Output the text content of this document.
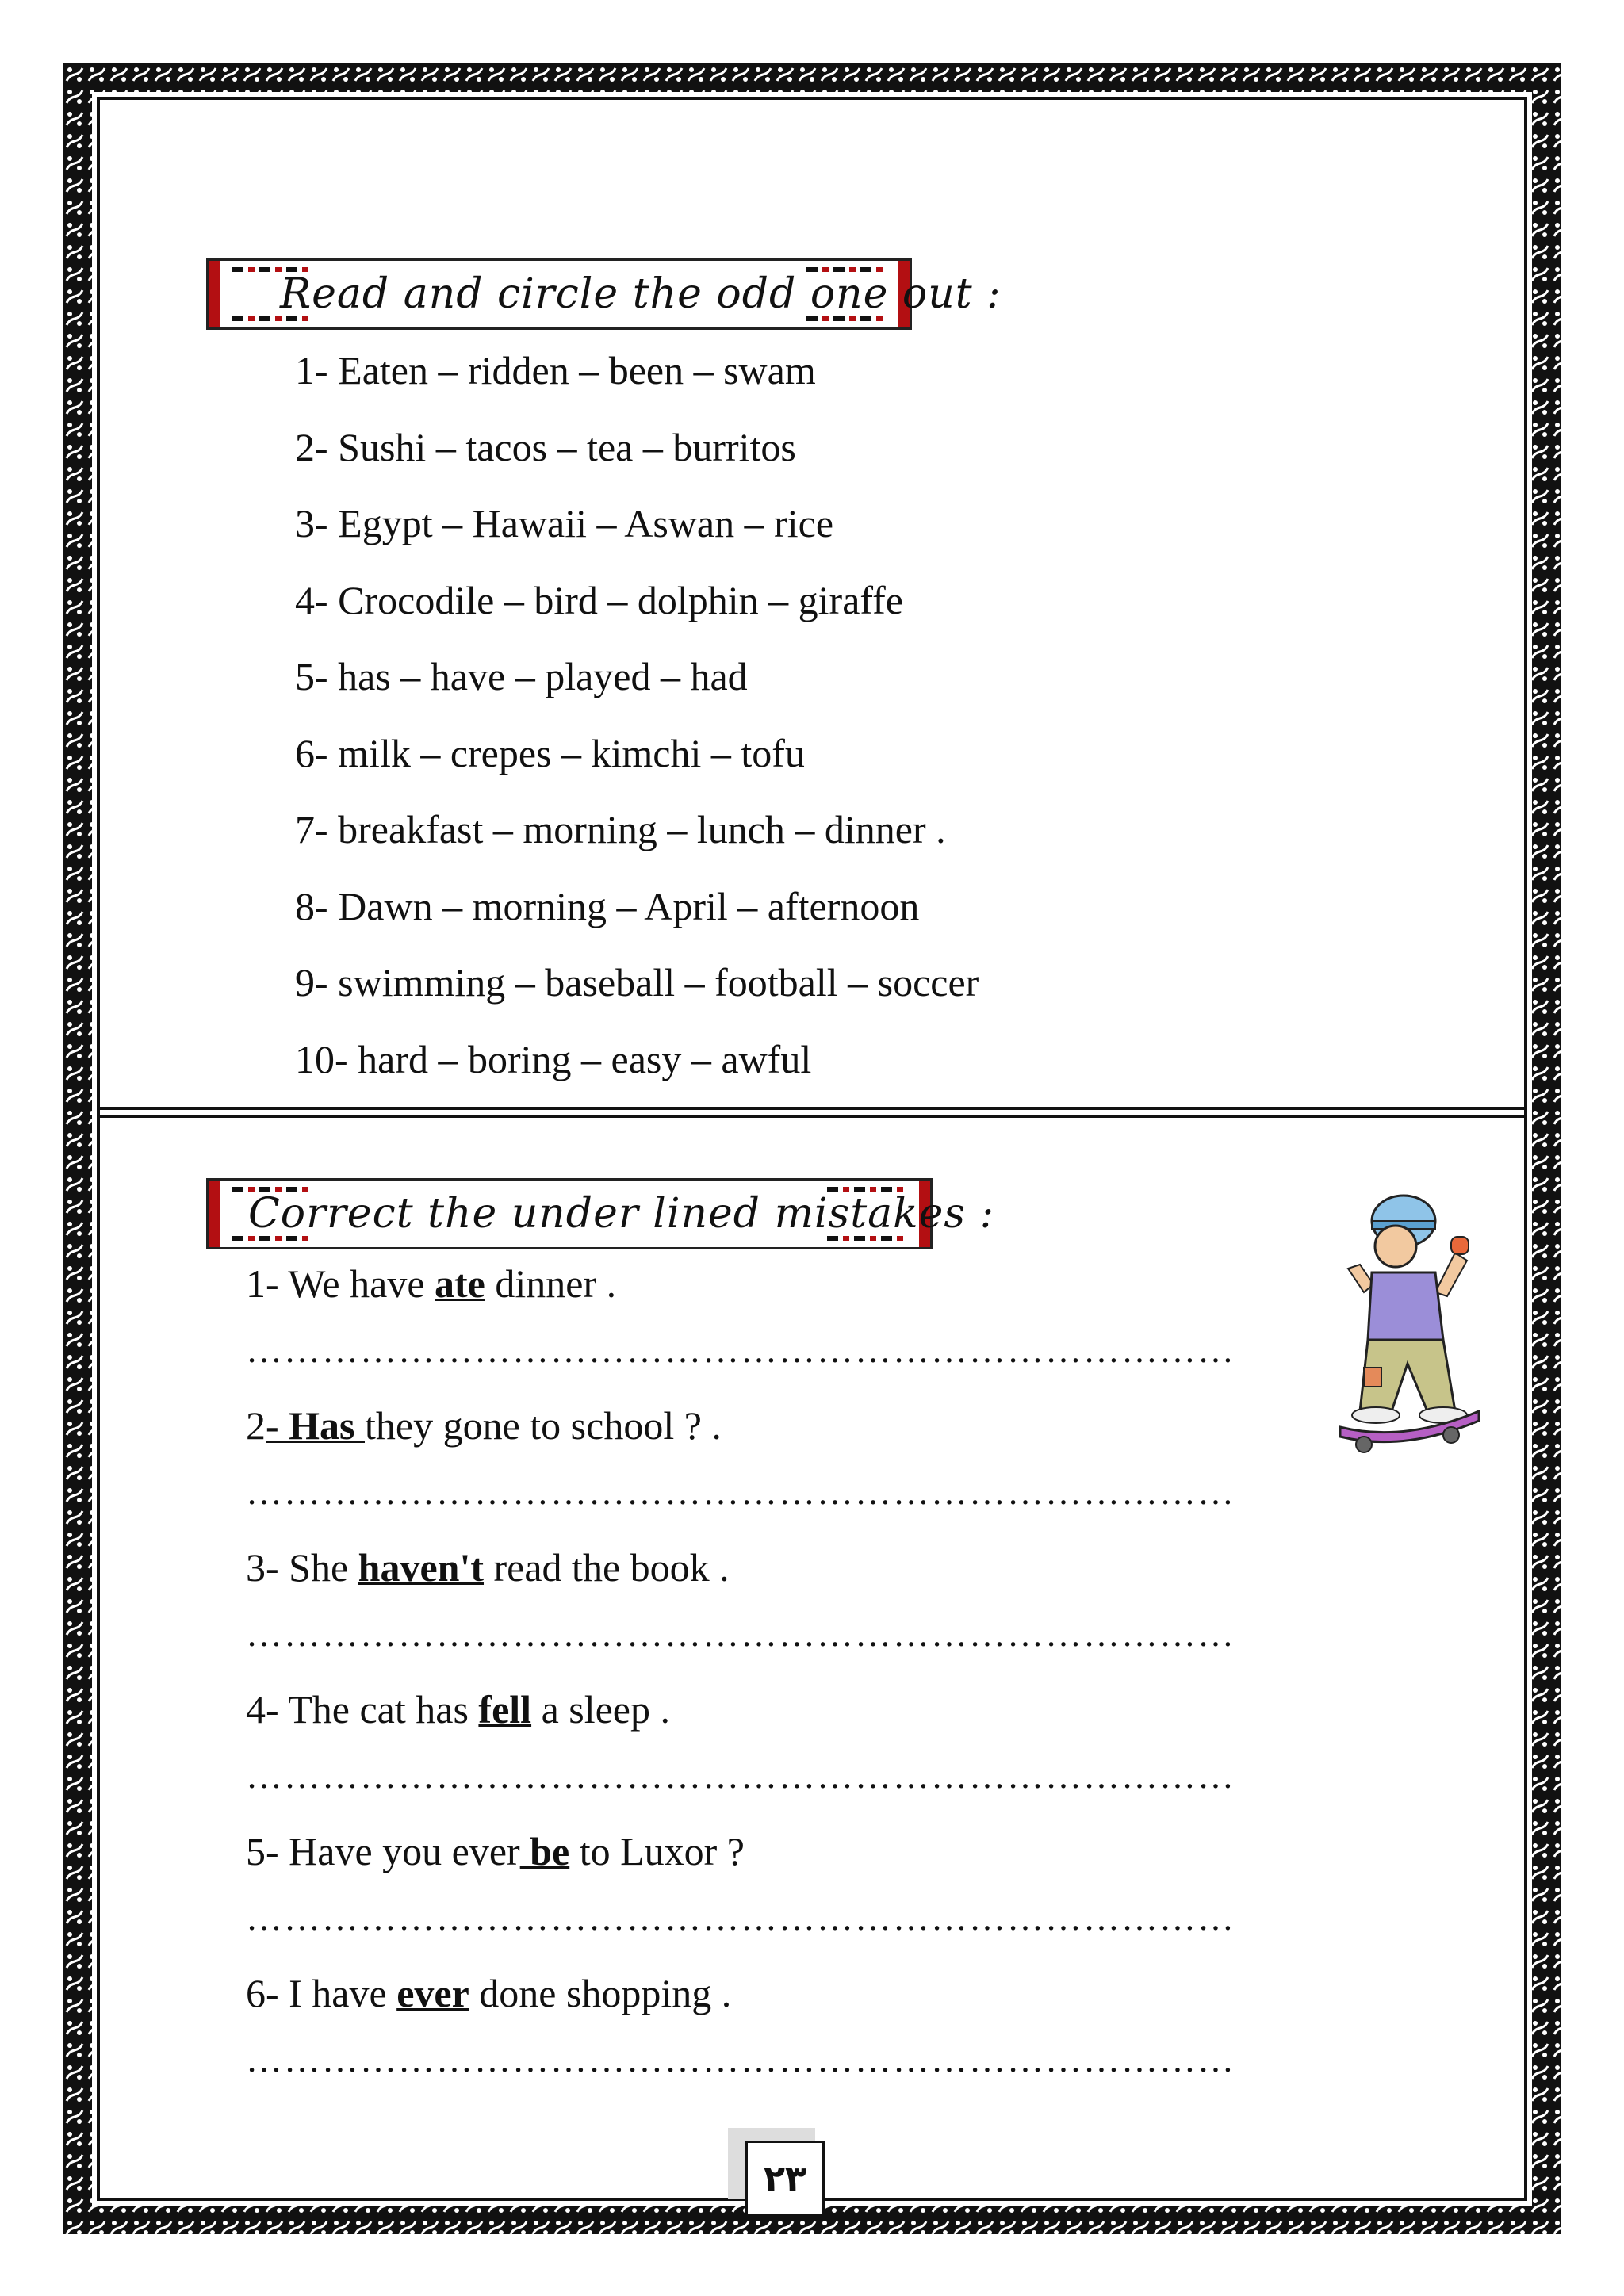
Read and circle the odd one out :
1- Eaten – ridden – been – swam
2- Sushi – tacos – tea – burritos
3- Egypt – Hawaii – Aswan – rice
4- Crocodile – bird – dolphin – giraffe
5- has – have – played – had
6- milk – crepes – kimchi – tofu
7- breakfast – morning – lunch – dinner .
8- Dawn – morning – April – afternoon
9- swimming – baseball – football – soccer
10- hard – boring – easy – awful
Correct the under lined mistakes :
1- We have ate dinner .
……………………………………………………………………
2- Has they gone to school ? .
……………………………………………………………………
3- She haven't read the book .
……………………………………………………………………
4- The cat has fell a sleep .
……………………………………………………………………
5- Have you ever be to Luxor ?
……………………………………………………………………
6- I have ever done shopping .
……………………………………………………………………
٢٣
